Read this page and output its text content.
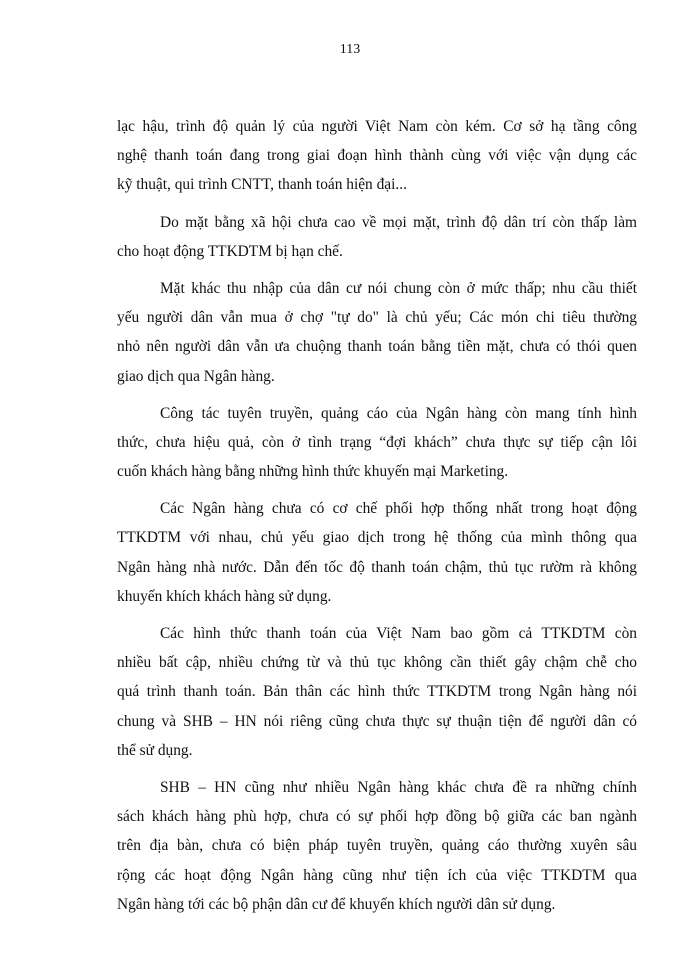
113
lạc hậu, trình độ quản lý của người Việt Nam còn kém. Cơ sở hạ tầng công
nghệ thanh toán đang trong giai đoạn hình thành cùng với việc vận dụng các
kỹ thuật, qui trình CNTT, thanh toán hiện đại...
Do mặt bằng xã hội chưa cao về mọi mặt, trình độ dân trí còn thấp làm
cho hoạt động TTKDTM bị hạn chế.
Mặt khác thu nhập của dân cư nói chung còn ở mức thấp; nhu cầu thiết
yếu người dân vẫn mua ở chợ "tự do" là chủ yếu; Các món chi tiêu thường
nhỏ nên người dân vẫn ưa chuộng thanh toán bằng tiền mặt, chưa có thói quen
giao dịch qua Ngân hàng.
Công tác tuyên truyền, quảng cáo của Ngân hàng còn mang tính hình
thức, chưa hiệu quả, còn ở tình trạng “đợi khách” chưa thực sự tiếp cận lôi
cuốn khách hàng bằng những hình thức khuyến mại Marketing.
Các Ngân hàng chưa có cơ chế phối hợp thống nhất trong hoạt động
TTKDTM với nhau, chủ yếu giao dịch trong hệ thống của mình thông qua
Ngân hàng nhà nước. Dẫn đến tốc độ thanh toán chậm, thủ tục rườm rà không
khuyến khích khách hàng sử dụng.
Các hình thức thanh toán của Việt Nam bao gồm cả TTKDTM còn
nhiều bất cập, nhiều chứng từ và thủ tục không cần thiết gây chậm chễ cho
quá trình thanh toán. Bản thân các hình thức TTKDTM trong Ngân hàng nói
chung và SHB – HN nói riêng cũng chưa thực sự thuận tiện để người dân có
thể sử dụng.
SHB – HN cũng như nhiều Ngân hàng khác chưa đề ra những chính
sách khách hàng phù hợp, chưa có sự phối hợp đồng bộ giữa các ban ngành
trên địa bàn, chưa có biện pháp tuyên truyền, quảng cáo thường xuyên sâu
rộng các hoạt động Ngân hàng cũng như tiện ích của việc TTKDTM qua
Ngân hàng tới các bộ phận dân cư để khuyến khích người dân sử dụng.
